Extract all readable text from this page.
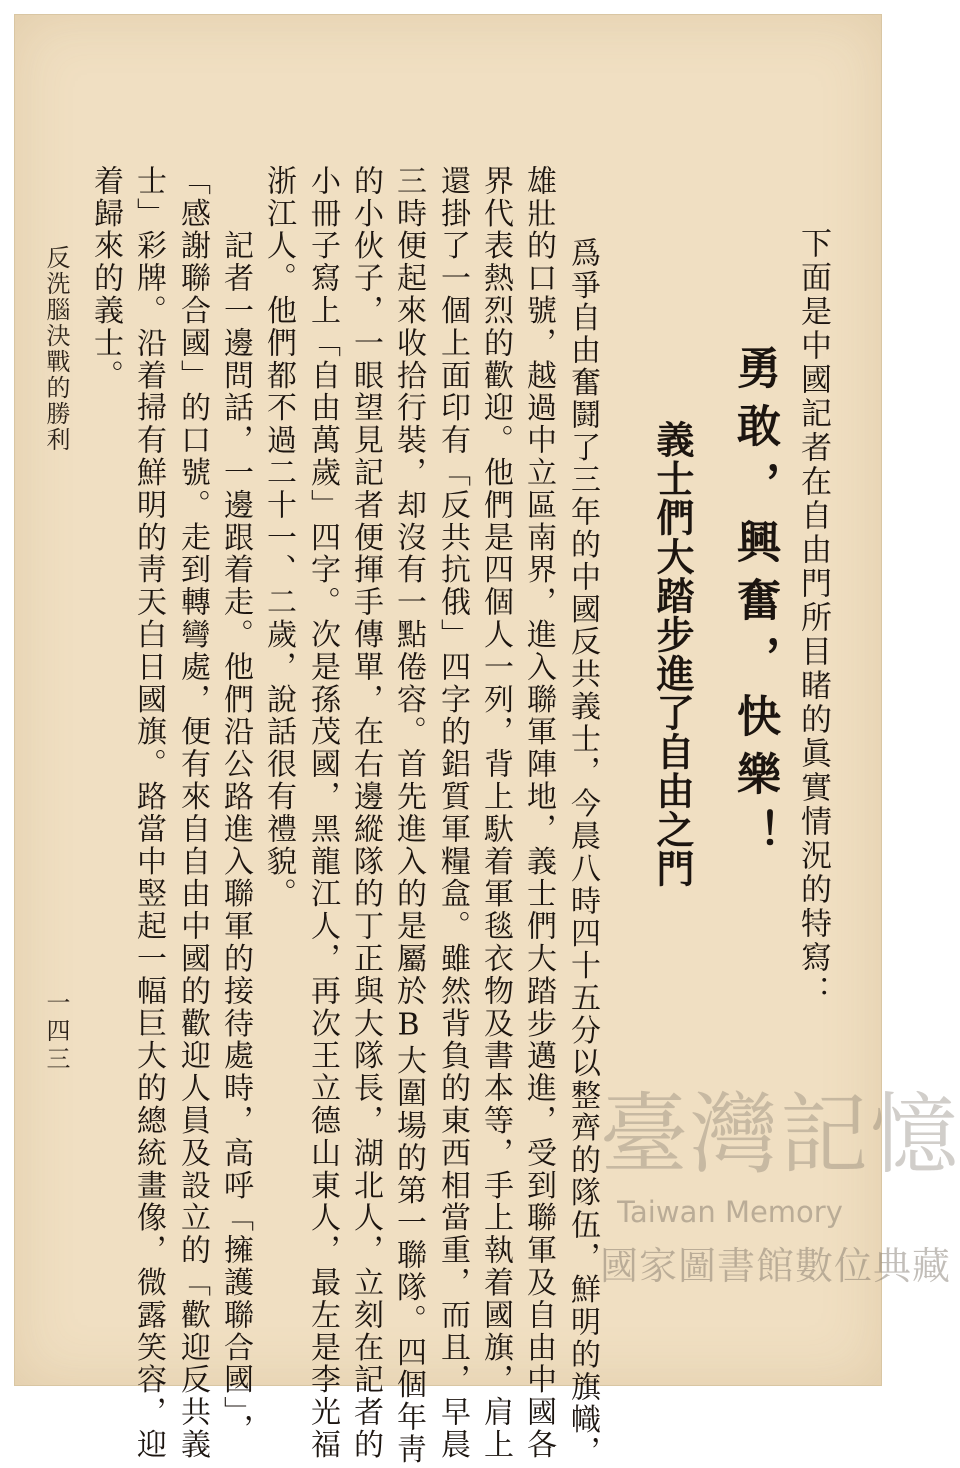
下面是中國記者在自由門所目睹的眞實情況的特寫：

勇敢，興奮，快樂！
義士們大踏步進了自由之門

爲爭自由奮鬪了三年的中國反共義士，今晨八時四十五分以整齊的隊伍，鮮明的旗幟，

雄壯的口號，越過中立區南界，進入聯軍陣地，義士們大踏步邁進，受到聯軍及自由中國各

界代表熱烈的歡迎。他們是四個人一列，背上馱着軍毯衣物及書本等，手上執着國旗，肩上

還掛了一個上面印有「反共抗俄」四字的鋁質軍糧盒。雖然背負的東西相當重，而且，早晨

三時便起來收拾行裝，却沒有一點倦容。首先進入的是屬於B大圍場的第一聯隊。四個年靑

的小伙子，一眼望見記者便揮手傳單，在右邊縱隊的丁正與大隊長，湖北人，立刻在記者的

小冊子寫上「自由萬歲」四字。次是孫茂國，黑龍江人，再次王立德山東人，最左是李光福

浙江人。他們都不過二十一、二歲，說話很有禮貌。

　　記者一邊問話，一邊跟着走。他們沿公路進入聯軍的接待處時，高呼「擁護聯合國」，

「感謝聯合國」的口號。走到轉彎處，便有來自自由中國的歡迎人員及設立的「歡迎反共義

士」彩牌。沿着掃有鮮明的靑天白日國旗。路當中竪起一幅巨大的總統畫像，微露笑容，迎

着歸來的義士。

反洗腦決戰的勝利

一四三

臺灣記憶
Taiwan Memory
國家圖書館數位典藏
